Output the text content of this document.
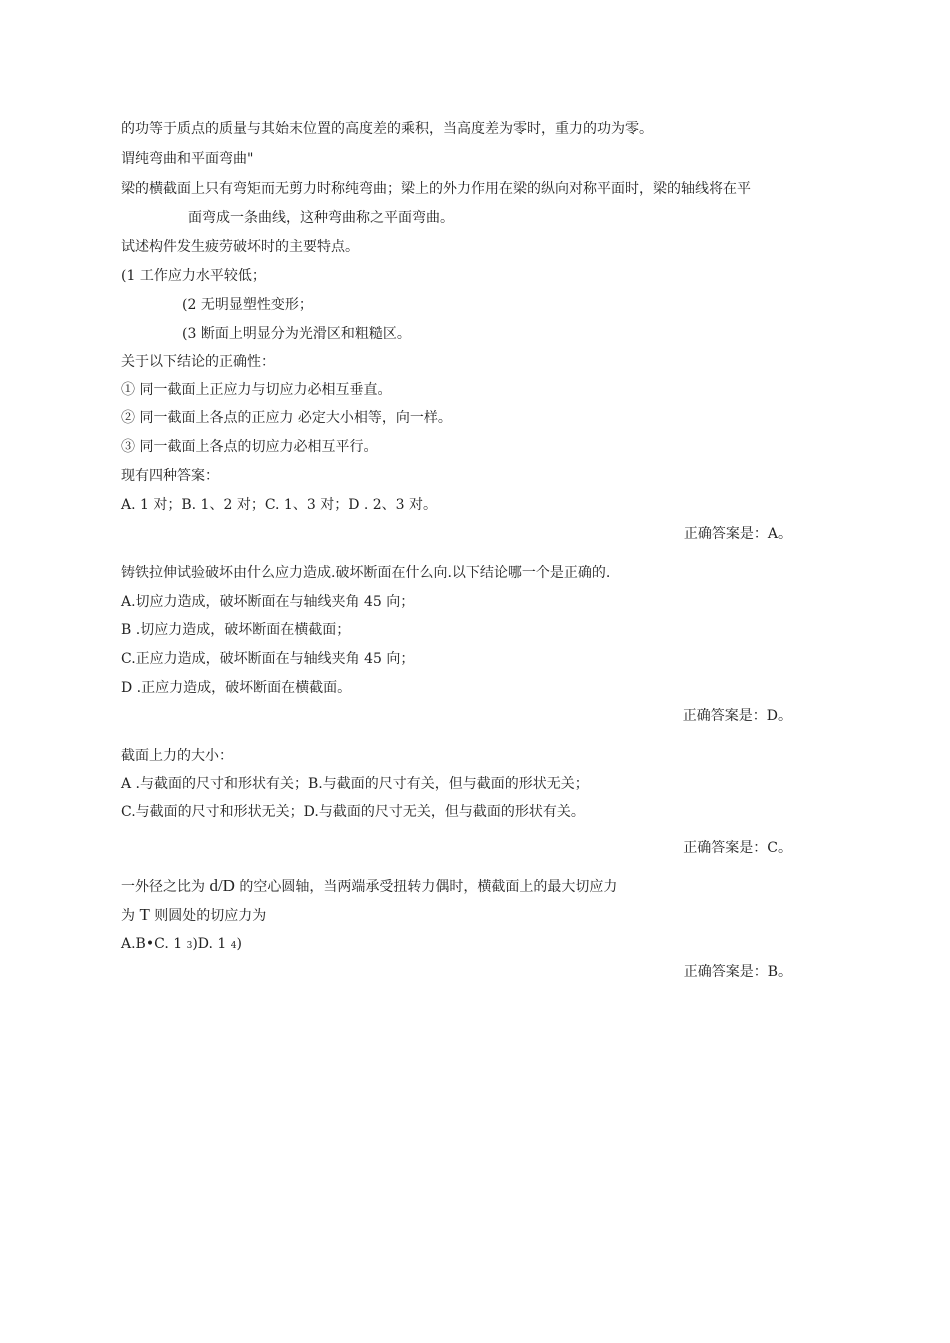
的功等于质点的质量与其始末位置的高度差的乘积，当高度差为零时，重力的功为零。
谓纯弯曲和平面弯曲"
梁的横截面上只有弯矩而无剪力时称纯弯曲；梁上的外力作用在梁的纵向对称平面时，梁的轴线将在平
面弯成一条曲线，这种弯曲称之平面弯曲。
试述构件发生疲劳破坏时的主要特点。
(1 工作应力水平较低；
(2 无明显塑性变形；
(3 断面上明显分为光滑区和粗糙区。
关于以下结论的正确性：
① 同一截面上正应力与切应力必相互垂直。
② 同一截面上各点的正应力 必定大小相等，向一样。
③ 同一截面上各点的切应力必相互平行。
现有四种答案：
A. 1 对；B. 1、2 对；C. 1、3 对；D . 2、3 对。
正确答案是：A。
铸铁拉伸试验破坏由什么应力造成.破坏断面在什么向.以下结论哪一个是正确的.
A.切应力造成，破坏断面在与轴线夹角 45 向；
B .切应力造成，破坏断面在横截面；
C.正应力造成，破坏断面在与轴线夹角 45 向；
D .正应力造成，破坏断面在横截面。
正确答案是：D。
截面上力的大小：
A .与截面的尺寸和形状有关；B.与截面的尺寸有关，但与截面的形状无关；
C.与截面的尺寸和形状无关；D.与截面的尺寸无关，但与截面的形状有关。
正确答案是：C。
一外径之比为 d/D 的空心圆轴，当两端承受扭转力偶时，横截面上的最大切应力
为 T 则圆处的切应力为
A.B•C. 1 3)D. 1 4)
正确答案是：B。
